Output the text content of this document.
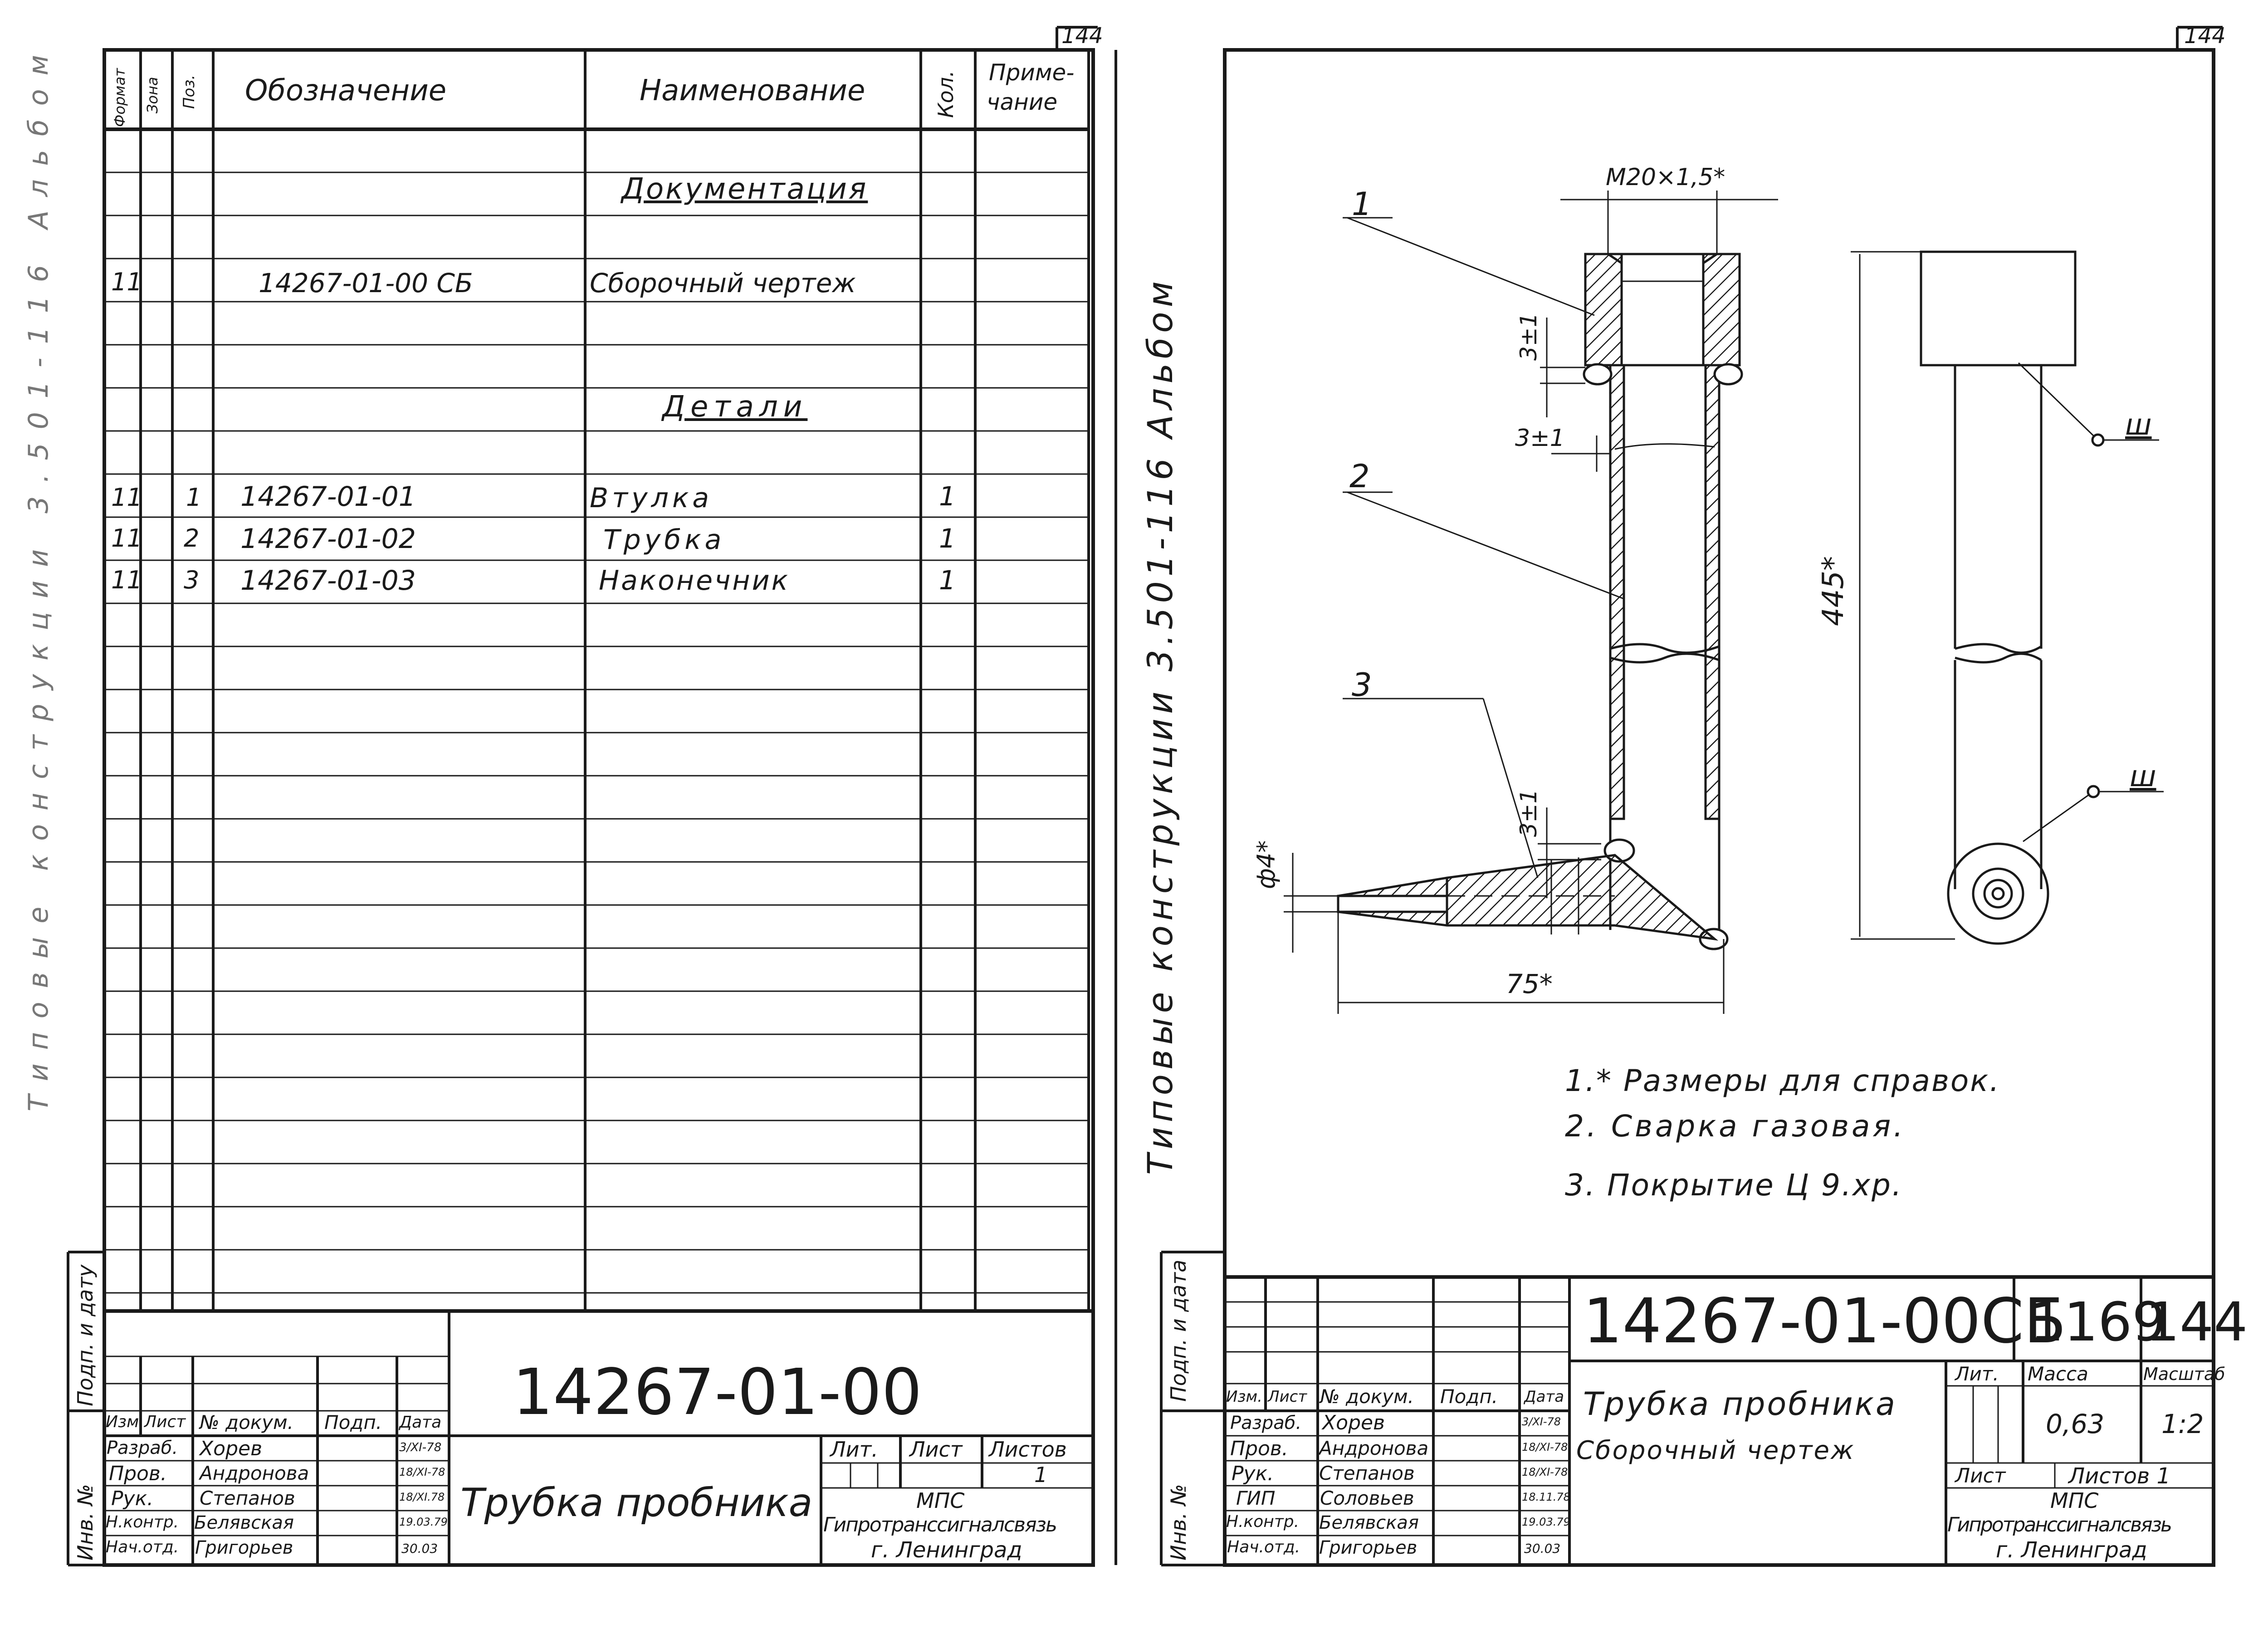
144
Формат Зона Поз. Обозначение	Наименование	Кол. Приме-
чание
Документация
11	14267-01-00 СБ	Сборочный чертеж
Детали
11 1 14267-01-01	Втулка	1
11 2 14267-01-02	Трубка	1
11 3 14267-01-03	Наконечник	1
Подп. и дату
Инв. №
Типовые конструкции 3.501-116 Альбом
14267-01-00
Изм. Лист № докум. Подп. Дата
Разраб. Хорев	3/XI-78
Пров. Андронова	18/XI-78
Рук. Степанов	18/XI.78
Н.контр. Белявская	19.03.79
Нач.отд. Григорьев	30.03
Трубка пробника
Лит. Лист Листов
1
МПС
Гипротранссигналсвязь
г. Ленинград
144
Типовые конструкции 3.501-116 Альбом
1
2
3
M20×1,5*
3±1
3±1
3±1
445*
ф4*
75*
ш
ш
1.* Размеры для справок.
2. Сварка газовая.
3. Покрытие Ц 9.хр.
Подп. и дата
Инв. №
14267-01-00СБ
1169
144
Изм. Лист № докум. Подп. Дата
Разраб. Хорев	3/XI-78
Пров. Андронова	18/XI-78
Рук. Степанов	18/XI-78
ГИП Соловьев	18.11.78
Н.контр. Белявская	19.03.79
Нач.отд. Григорьев	30.03
Трубка пробника
Сборочный чертеж
Лит. Масса	Масштаб
0,63 1:2
Лист	Листов 1
МПС
Гипротранссигналсвязь
г. Ленинград
